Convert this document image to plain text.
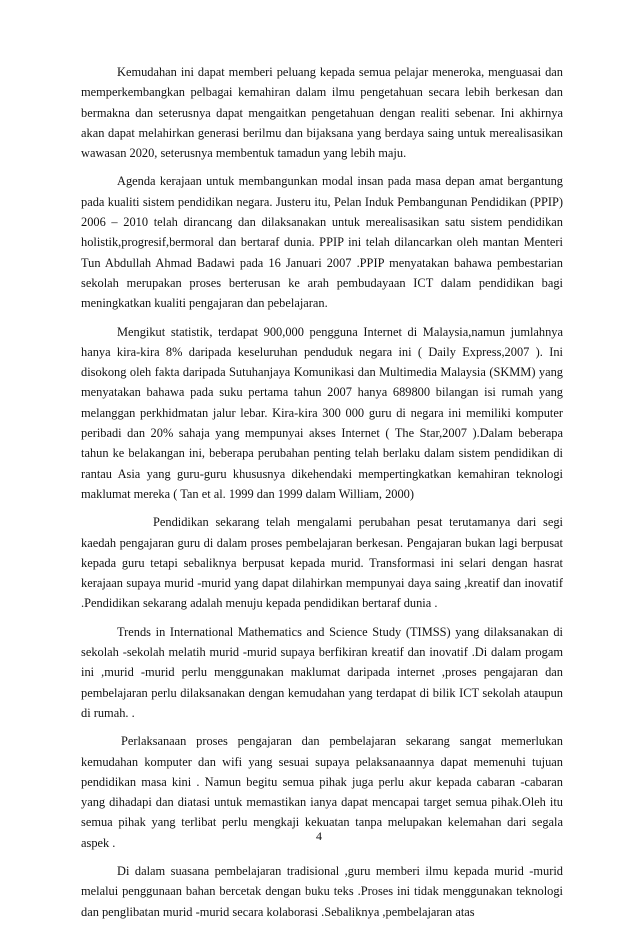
Kemudahan ini dapat memberi peluang kepada semua pelajar meneroka, menguasai dan memperkembangkan pelbagai kemahiran dalam ilmu pengetahuan secara lebih berkesan dan bermakna dan seterusnya dapat mengaitkan pengetahuan dengan realiti sebenar. Ini akhirnya akan dapat melahirkan generasi berilmu dan bijaksana yang berdaya saing untuk merealisasikan wawasan 2020, seterusnya membentuk tamadun yang lebih maju.

Agenda kerajaan untuk membangunkan modal insan pada masa depan amat bergantung pada kualiti sistem pendidikan negara. Justeru itu, Pelan Induk Pembangunan Pendidikan (PPIP) 2006 – 2010 telah dirancang dan dilaksanakan untuk merealisasikan satu sistem pendidikan holistik,progresif,bermoral dan bertaraf dunia. PPIP ini telah dilancarkan oleh mantan Menteri Tun Abdullah Ahmad Badawi pada 16 Januari 2007 .PPIP menyatakan bahawa pembestarian sekolah merupakan proses berterusan ke arah pembudayaan ICT dalam pendidikan bagi meningkatkan kualiti pengajaran dan pebelajaran.

Mengikut statistik, terdapat 900,000 pengguna Internet di Malaysia,namun jumlahnya hanya kira-kira 8% daripada keseluruhan penduduk negara ini ( Daily Express,2007 ). Ini disokong oleh fakta daripada Sutuhanjaya Komunikasi dan Multimedia Malaysia (SKMM) yang menyatakan bahawa pada suku pertama tahun 2007 hanya 689800 bilangan isi rumah yang melanggan perkhidmatan jalur lebar. Kira-kira 300 000 guru di negara ini memiliki komputer peribadi dan 20% sahaja yang mempunyai akses Internet ( The Star,2007 ).Dalam beberapa tahun ke belakangan ini, beberapa perubahan penting telah berlaku dalam sistem pendidikan di rantau Asia yang guru-guru khususnya dikehendaki mempertingkatkan kemahiran teknologi maklumat mereka ( Tan et al. 1999 dan 1999 dalam William, 2000)

Pendidikan sekarang telah mengalami perubahan pesat terutamanya dari segi kaedah pengajaran guru di dalam proses pembelajaran berkesan. Pengajaran bukan lagi berpusat kepada guru tetapi sebaliknya berpusat kepada murid. Transformasi ini selari dengan hasrat kerajaan supaya murid -murid yang dapat dilahirkan mempunyai daya saing ,kreatif dan inovatif .Pendidikan sekarang adalah menuju kepada pendidikan bertaraf dunia .

Trends in International Mathematics and Science Study (TIMSS) yang dilaksanakan di sekolah -sekolah melatih murid -murid supaya berfikiran kreatif dan inovatif .Di dalam progam ini ,murid -murid perlu menggunakan maklumat daripada internet ,proses pengajaran dan pembelajaran perlu dilaksanakan dengan kemudahan yang terdapat di bilik ICT sekolah ataupun di rumah. .

Perlaksanaan proses pengajaran dan pembelajaran sekarang sangat memerlukan kemudahan komputer dan wifi yang sesuai supaya pelaksanaannya dapat memenuhi tujuan pendidikan masa kini . Namun begitu semua pihak juga perlu akur kepada cabaran -cabaran yang dihadapi dan diatasi untuk memastikan ianya dapat mencapai target semua pihak.Oleh itu semua pihak yang terlibat perlu mengkaji kekuatan tanpa melupakan kelemahan dari segala aspek .

Di dalam suasana pembelajaran tradisional ,guru memberi ilmu kepada murid -murid melalui penggunaan bahan bercetak dengan buku teks .Proses ini tidak menggunakan teknologi dan penglibatan murid -murid secara kolaborasi .Sebaliknya ,pembelajaran atas

4
